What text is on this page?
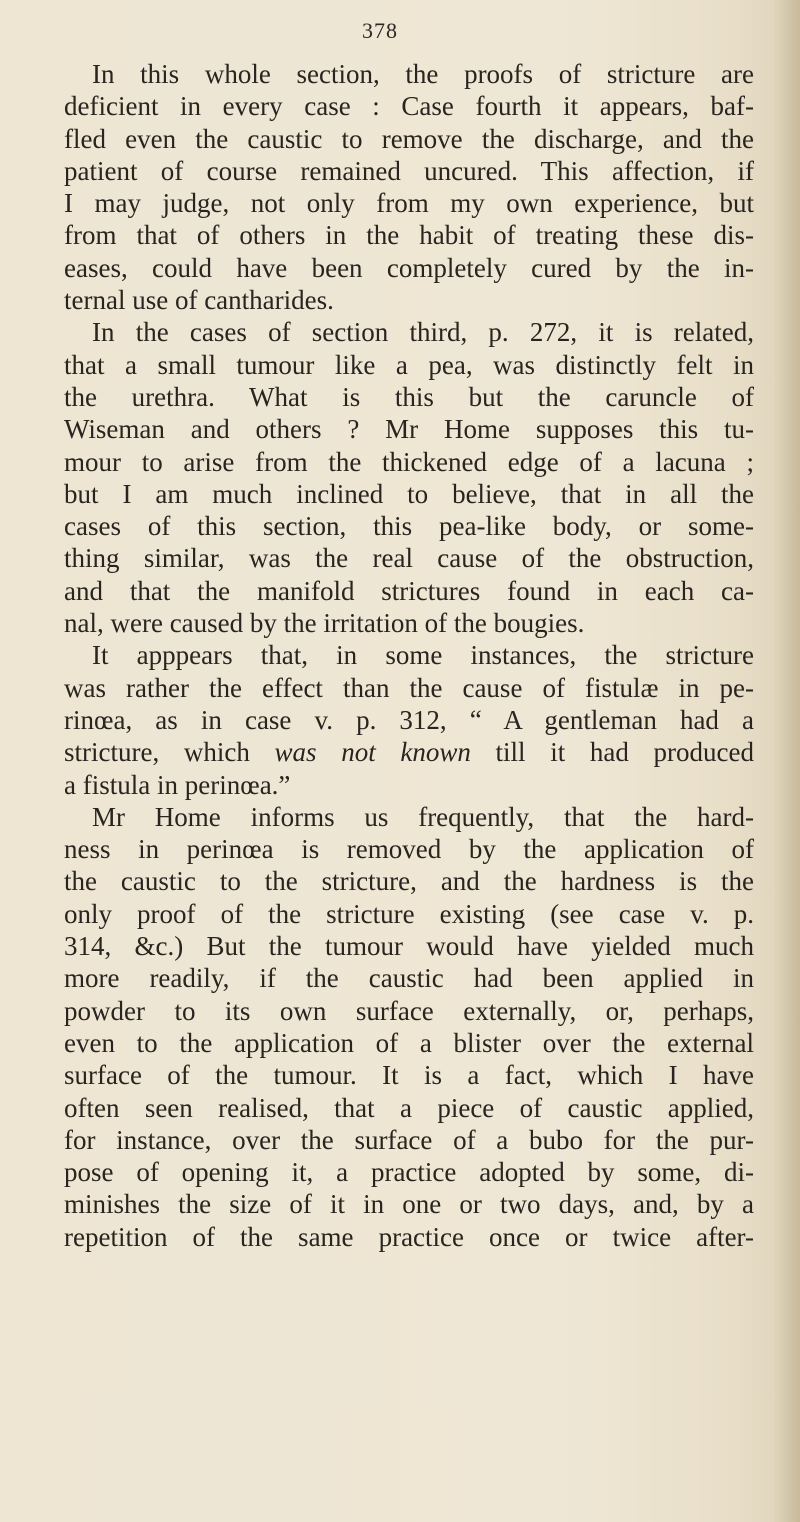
378

In this whole section, the proofs of stricture are
deficient in every case : Case fourth it appears, baf-
fled even the caustic to remove the discharge, and the
patient of course remained uncured. This affection, if
I may judge, not only from my own experience, but
from that of others in the habit of treating these dis-
eases, could have been completely cured by the in-
ternal use of cantharides.

In the cases of section third, p. 272, it is related,
that a small tumour like a pea, was distinctly felt in
the urethra. What is this but the caruncle of
Wiseman and others ? Mr Home supposes this tu-
mour to arise from the thickened edge of a lacuna ;
but I am much inclined to believe, that in all the
cases of this section, this pea-like body, or some-
thing similar, was the real cause of the obstruction,
and that the manifold strictures found in each ca-
nal, were caused by the irritation of the bougies.

It apppears that, in some instances, the stricture
was rather the effect than the cause of fistulæ in pe-
rinœa, as in case v. p. 312, “ A gentleman had a
stricture, which was not known till it had produced
a fistula in perinœa.”

Mr Home informs us frequently, that the hard-
ness in perinœa is removed by the application of
the caustic to the stricture, and the hardness is the
only proof of the stricture existing (see case v. p.
314, &c.) But the tumour would have yielded much
more readily, if the caustic had been applied in
powder to its own surface externally, or, perhaps,
even to the application of a blister over the external
surface of the tumour. It is a fact, which I have
often seen realised, that a piece of caustic applied,
for instance, over the surface of a bubo for the pur-
pose of opening it, a practice adopted by some, di-
minishes the size of it in one or two days, and, by a
repetition of the same practice once or twice after-
